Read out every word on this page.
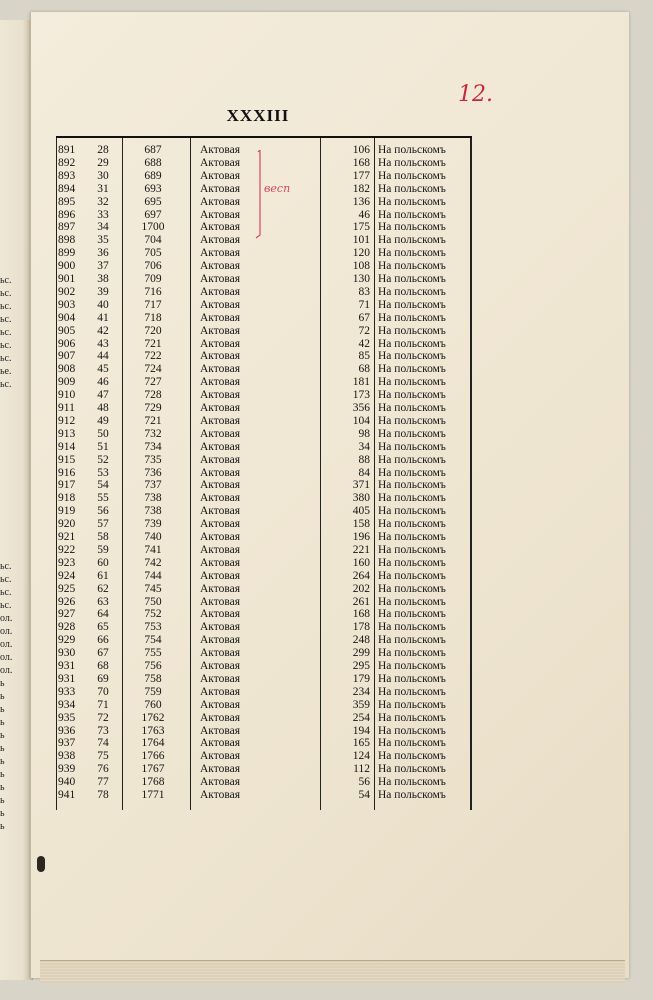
ьс.
ьс.
ьс.
ьс.
ьс.
ьс.
ьс.
ье.
ьс.
ьс.
ьс.
ьс.
ьс.
ол.
ол.
ол.
ол.
ол.
ь
ь
ь
ь
ь
ь
ь
ь
ь
ь
ь
ь
XXXIII
12.
весn
891	28	687	Актовая	106 На польскомъ
892	29	688	Актовая	168 На польскомъ
893	30	689	Актовая	177 На польскомъ
894	31	693	Актовая	182 На польскомъ
895	32	695	Актовая	136 На польскомъ
896	33	697	Актовая	46 На польскомъ
897	34	1700	Актовая	175 На польскомъ
898	35	704	Актовая	101 На польскомъ
899	36	705	Актовая	120 На польскомъ
900	37	706	Актовая	108 На польскомъ
901	38	709	Актовая	130 На польскомъ
902	39	716	Актовая	83 На польскомъ
903	40	717	Актовая	71 На польскомъ
904	41	718	Актовая	67 На польскомъ
905	42	720	Актовая	72 На польскомъ
906	43	721	Актовая	42 На польскомъ
907	44	722	Актовая	85 На польскомъ
908	45	724	Актовая	68 На польскомъ
909	46	727	Актовая	181 На польскомъ
910	47	728	Актовая	173 На польскомъ
911	48	729	Актовая	356 На польскомъ
912	49	721	Актовая	104 На польскомъ
913	50	732	Актовая	98 На польскомъ
914	51	734	Актовая	34 На польскомъ
915	52	735	Актовая	88 На польскомъ
916	53	736	Актовая	84 На польскомъ
917	54	737	Актовая	371 На польскомъ
918	55	738	Актовая	380 На польскомъ
919	56	738	Актовая	405 На польскомъ
920	57	739	Актовая	158 На польскомъ
921	58	740	Актовая	196 На польскомъ
922	59	741	Актовая	221 На польскомъ
923	60	742	Актовая	160 На польскомъ
924	61	744	Актовая	264 На польскомъ
925	62	745	Актовая	202 На польскомъ
926	63	750	Актовая	261 На польскомъ
927	64	752	Актовая	168 На польскомъ
928	65	753	Актовая	178 На польскомъ
929	66	754	Актовая	248 На польскомъ
930	67	755	Актовая	299 На польскомъ
931	68	756	Актовая	295 На польскомъ
931	69	758	Актовая	179 На польскомъ
933	70	759	Актовая	234 На польскомъ
934	71	760	Актовая	359 На польскомъ
935	72	1762	Актовая	254 На польскомъ
936	73	1763	Актовая	194 На польскомъ
937	74	1764	Актовая	165 На польскомъ
938	75	1766	Актовая	124 На польскомъ
939	76	1767	Актовая	112 На польскомъ
940	77	1768	Актовая	56 На польскомъ
941	78	1771	Актовая	54 На польскомъ
